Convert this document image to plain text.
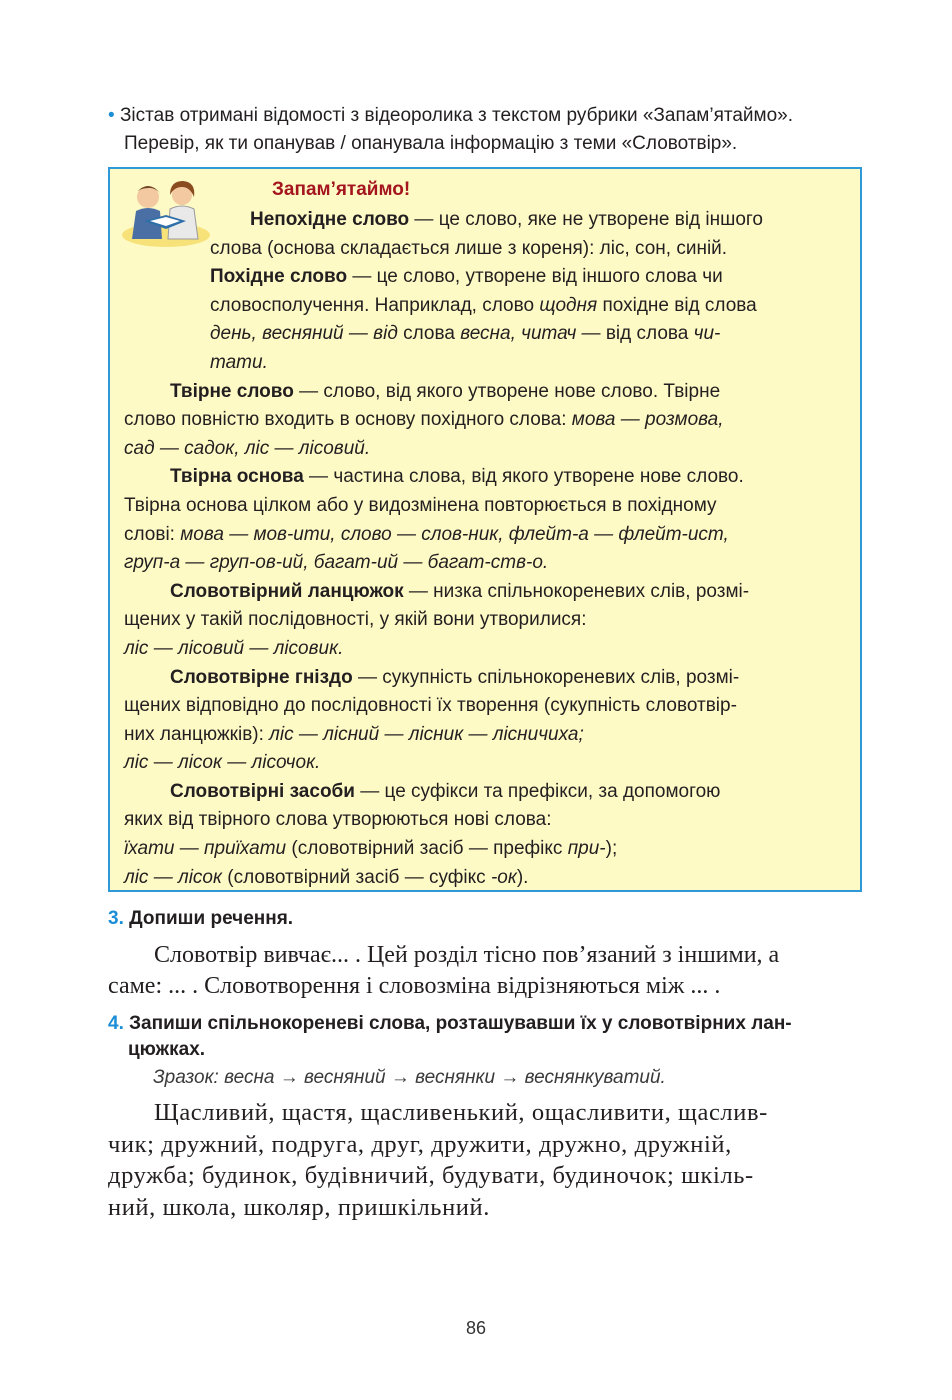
• Зістав отримані відомості з відеоролика з текстом рубрики «Запам’ятаймо».
Перевір, як ти опанував / опанувала інформацію з теми «Словотвір».
Запам’ятаймо!
Непохідне слово — це слово, яке не утворене від іншого
слова (основа складається лише з кореня): ліс, сон, синій.
Похідне слово — це слово, утворене від іншого слова чи
словосполучення. Наприклад, слово щодня похідне від слова
день, весняний — від слова весна, читач — від слова чи-
тати.
Твірне слово — слово, від якого утворене нове слово. Твірне
слово повністю входить в основу похідного слова: мова — розмова,
сад — садок, ліс — лісовий.
Твірна основа — частина слова, від якого утворене нове слово.
Твірна основа цілком або у видозмінена повторюється в похідному
слові: мова — мов-ити, слово — слов-ник, флейт-а — флейт-ист,
груп-а — груп-ов-ий, багат-ий — багат-ств-о.
Словотвірний ланцюжок — низка спільнокореневих слів, розмі-
щених у такій послідовності, у якій вони утворилися:
ліс — лісовий — лісовик.
Словотвірне гніздо — сукупність спільнокореневих слів, розмі-
щених відповідно до послідовності їх творення (сукупність словотвір-
них ланцюжків): ліс — лісний — лісник — лісничиха;
ліс — лісок — лісочок.
Словотвірні засоби — це суфікси та префікси, за допомогою
яких від твірного слова утворюються нові слова:
їхати — приїхати (словотвірний засіб — префікс при-);
ліс — лісок (словотвірний засіб — суфікс -ок).
3. Допиши речення.
Словотвір вивчає... . Цей розділ тісно пов’язаний з іншими, а
саме: ... . Словотворення і словозміна відрізняються між ... .
4. Запиши спільнокореневі слова, розташувавши їх у словотвірних лан-
цюжках.
Зразок: весна → весняний → веснянки → веснянкуватий.
Щасливий, щастя, щасливенький, ощасливити, щаслив-
чик; дружний, подруга, друг, дружити, дружно, дружній,
дружба; будинок, будівничий, будувати, будиночок; шкіль-
ний, школа, школяр, пришкільний.
86
